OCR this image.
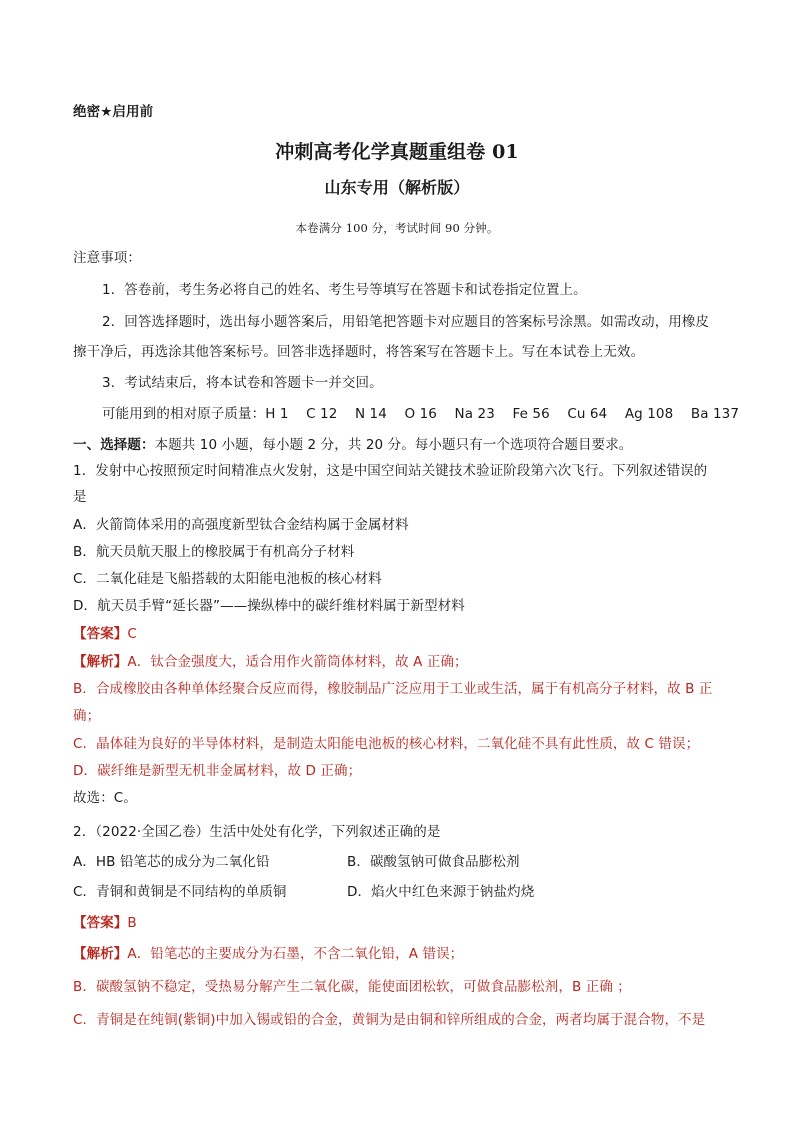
绝密★启用前
冲刺高考化学真题重组卷 01
山东专用（解析版）
本卷满分 100 分，考试时间 90 分钟。
注意事项：
1．答卷前，考生务必将自己的姓名、考生号等填写在答题卡和试卷指定位置上。
2．回答选择题时，选出每小题答案后，用铅笔把答题卡对应题目的答案标号涂黑。如需改动，用橡皮
擦干净后，再选涂其他答案标号。回答非选择题时，将答案写在答题卡上。写在本试卷上无效。
3．考试结束后，将本试卷和答题卡一并交回。
可能用到的相对原子质量：H 1    C 12    N 14    O 16    Na 23    Fe 56    Cu 64    Ag 108    Ba 137
一、选择题：本题共 10 小题，每小题 2 分，共 20 分。每小题只有一个选项符合题目要求。
1．发射中心按照预定时间精准点火发射，这是中国空间站关键技术验证阶段第六次飞行。下列叙述错误的
是
A．火箭筒体采用的高强度新型钛合金结构属于金属材料
B．航天员航天服上的橡胶属于有机高分子材料
C．二氧化硅是飞船搭载的太阳能电池板的核心材料
D．航天员手臂“延长器”——操纵棒中的碳纤维材料属于新型材料
【答案】C
【解析】A．钛合金强度大，适合用作火箭筒体材料，故 A 正确；
B．合成橡胶由各种单体经聚合反应而得，橡胶制品广泛应用于工业或生活，属于有机高分子材料，故 B 正
确；
C．晶体硅为良好的半导体材料，是制造太阳能电池板的核心材料，二氧化硅不具有此性质，故 C 错误；
D．碳纤维是新型无机非金属材料，故 D 正确；
故选：C。
2．（2022·全国乙卷）生活中处处有化学，下列叙述正确的是
A．HB 铅笔芯的成分为二氧化铅	B．碳酸氢钠可做食品膨松剂
C．青铜和黄铜是不同结构的单质铜	D．焰火中红色来源于钠盐灼烧
【答案】B
【解析】A．铅笔芯的主要成分为石墨，不含二氧化铅，A 错误；
B．碳酸氢钠不稳定，受热易分解产生二氧化碳，能使面团松软，可做食品膨松剂，B 正确 ；
C．青铜是在纯铜(紫铜)中加入锡或铅的合金，黄铜为是由铜和锌所组成的合金，两者均属于混合物，不是
